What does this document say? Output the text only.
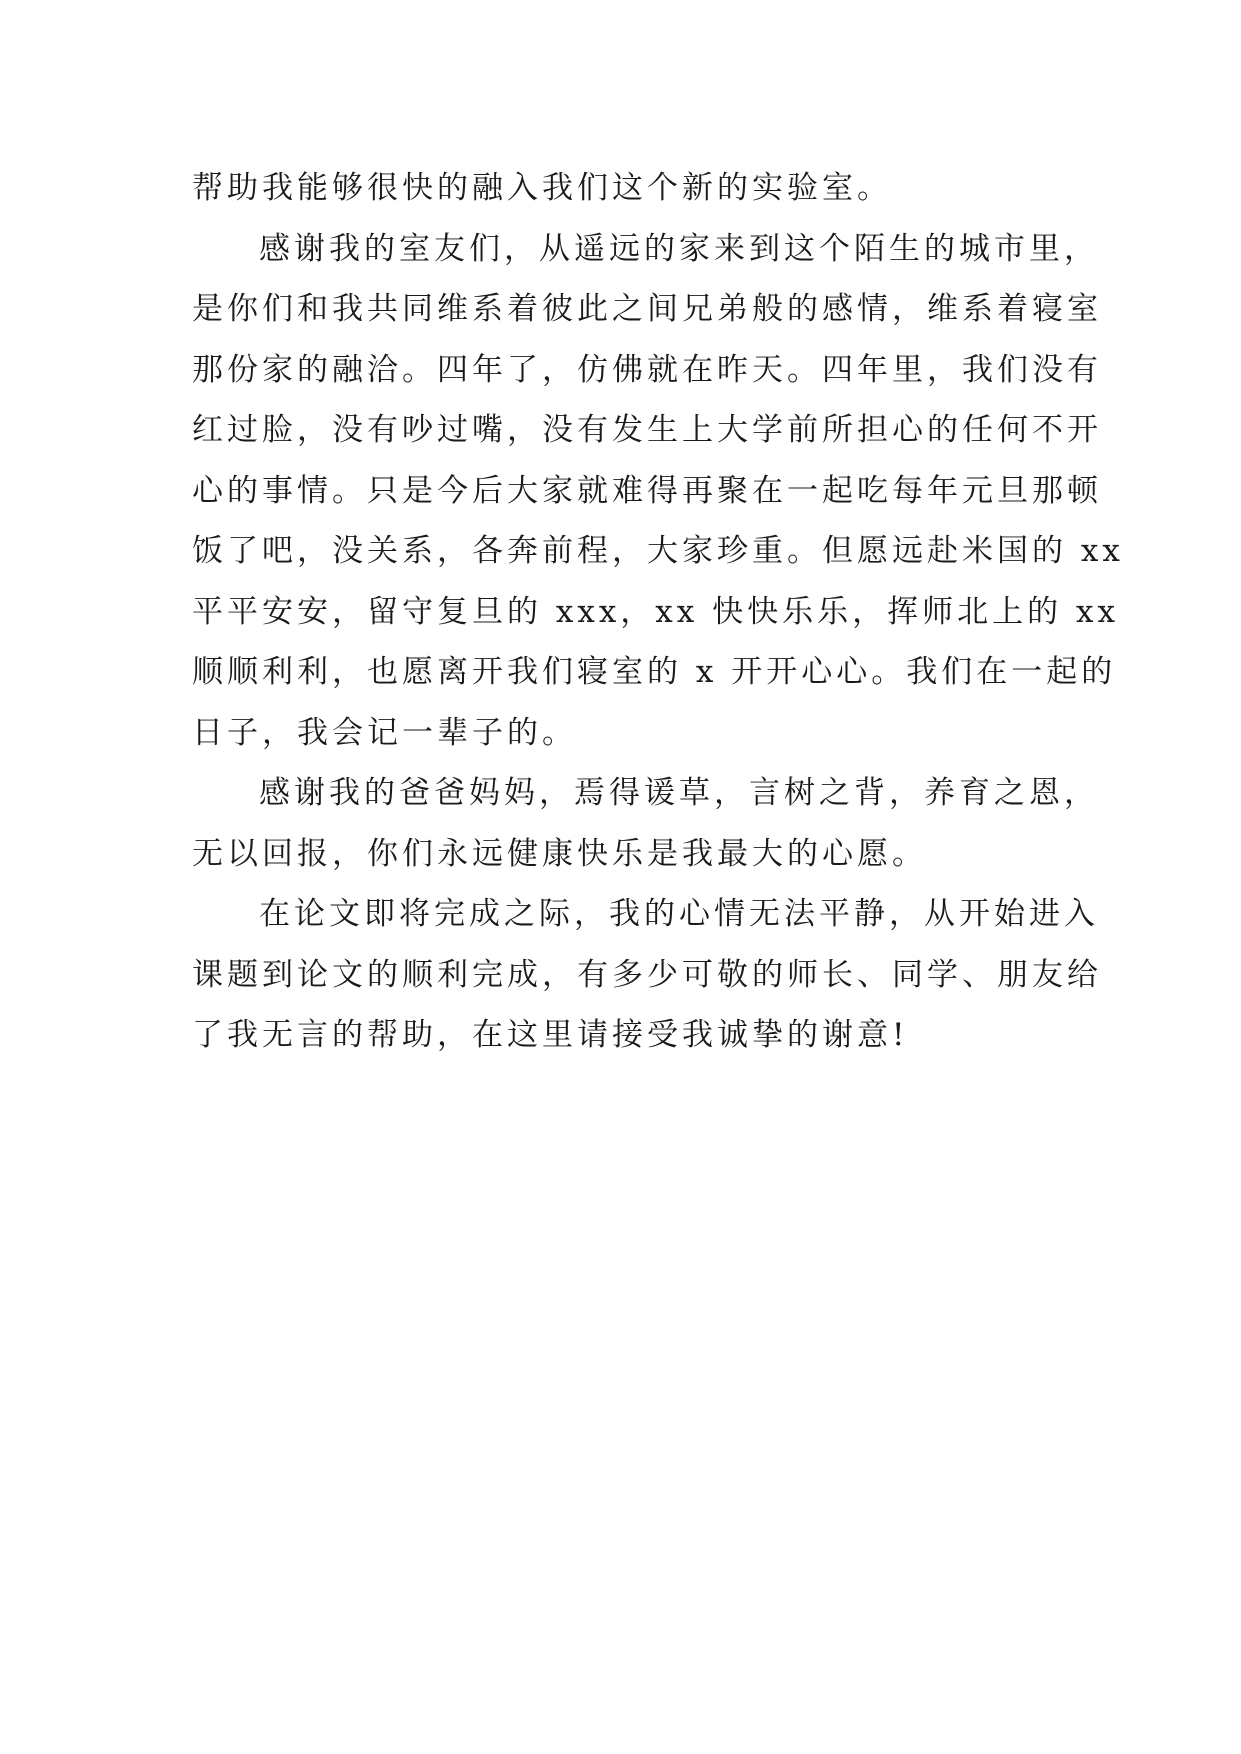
帮助我能够很快的融入我们这个新的实验室。
感谢我的室友们，从遥远的家来到这个陌生的城市里，
是你们和我共同维系着彼此之间兄弟般的感情，维系着寝室
那份家的融洽。四年了，仿佛就在昨天。四年里，我们没有
红过脸，没有吵过嘴，没有发生上大学前所担心的任何不开
心的事情。只是今后大家就难得再聚在一起吃每年元旦那顿
饭了吧，没关系，各奔前程，大家珍重。但愿远赴米国的 xx
平平安安，留守复旦的 xxx，xx 快快乐乐，挥师北上的 xx
顺顺利利，也愿离开我们寝室的 x 开开心心。我们在一起的
日子，我会记一辈子的。
感谢我的爸爸妈妈，焉得谖草，言树之背，养育之恩，
无以回报，你们永远健康快乐是我最大的心愿。
在论文即将完成之际，我的心情无法平静，从开始进入
课题到论文的顺利完成，有多少可敬的师长、同学、朋友给
了我无言的帮助，在这里请接受我诚挚的谢意!
